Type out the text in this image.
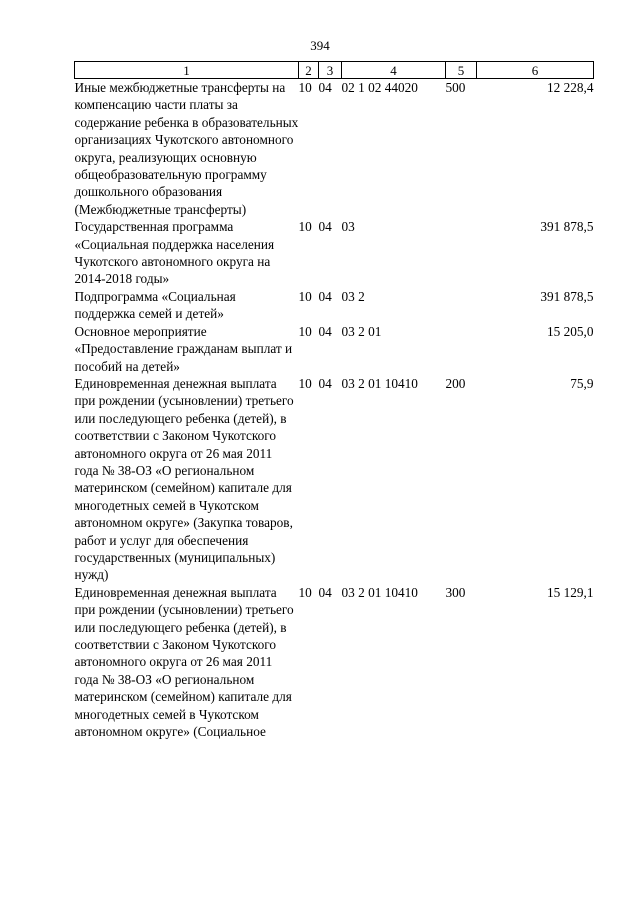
394
1	2	3	4	5	6
Иные межбюджетные трансферты на компенсацию части платы за содержание ребенка в образовательных организациях Чукотского автономного округа, реализующих основную общеобразовательную программу дошкольного образования (Межбюджетные трансферты)	10	04	02 1 02 44020	500	12 228,4
Государственная программа «Социальная поддержка населения Чукотского автономного округа на 2014-2018 годы»	10	04	03		391 878,5
Подпрограмма «Социальная поддержка семей и детей»	10	04	03 2		391 878,5
Основное мероприятие «Предоставление гражданам выплат и пособий на детей»	10	04	03 2 01		15 205,0
Единовременная денежная выплата при рождении (усыновлении) третьего или последующего ребенка (детей), в соответствии с Законом Чукотского автономного округа от 26 мая 2011 года № 38-ОЗ «О региональном материнском (семейном) капитале для многодетных семей в Чукотском автономном округе» (Закупка товаров, работ и услуг для обеспечения государственных (муниципальных) нужд)	10	04	03 2 01 10410	200	75,9
Единовременная денежная выплата при рождении (усыновлении) третьего или последующего ребенка (детей), в соответствии с Законом Чукотского автономного округа от 26 мая 2011 года № 38-ОЗ «О региональном материнском (семейном) капитале для многодетных семей в Чукотском автономном округе» (Социальное	10	04	03 2 01 10410	300	15 129,1
